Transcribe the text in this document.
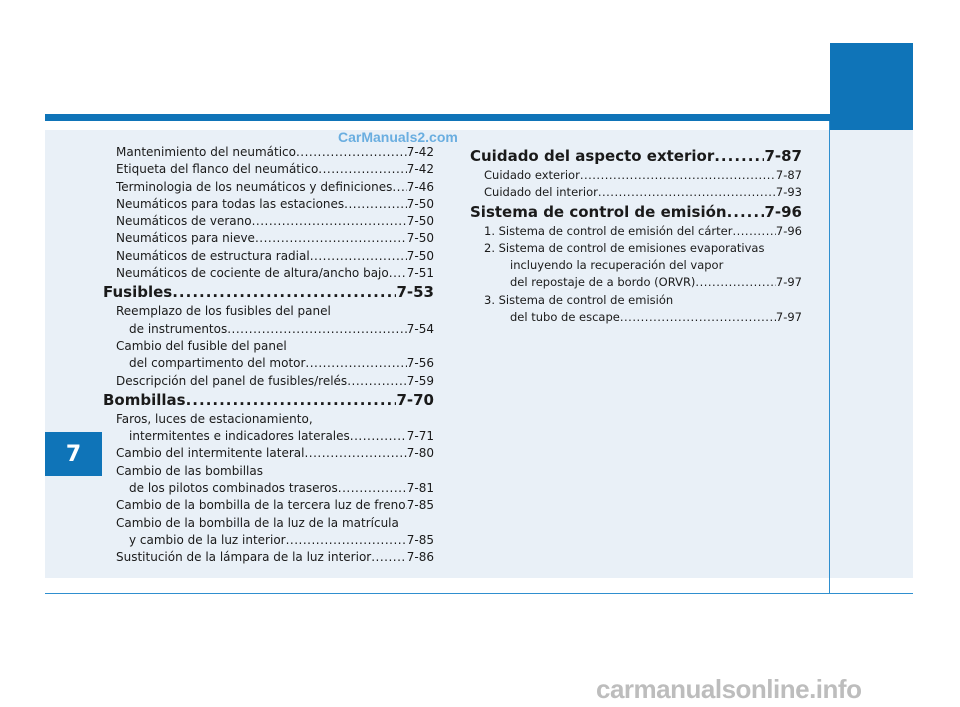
7
CarManuals2.com
carmanualsonline.info
Mantenimiento del neumático .....	7-42
Etiqueta del flanco del neumático .....	7-42
Terminologia de los neumáticos y definiciones ..... 7-46
Neumáticos para todas las estaciones .....	7-50
Neumáticos de verano .....	7-50
Neumáticos para nieve .....	7-50
Neumáticos de estructura radial .....	7-50
Neumáticos de cociente de altura/ancho bajo ..... 7-51
Fusibles .....	7-53
Reemplazo de los fusibles del panel
de instrumentos .....	7-54
Cambio del fusible del panel
del compartimento del motor .....	7-56
Descripción del panel de fusibles/relés .....	7-59
Bombillas .....	7-70
Faros, luces de estacionamiento,
intermitentes e indicadores laterales .....	7-71
Cambio del intermitente lateral .....	7-80
Cambio de las bombillas
de los pilotos combinados traseros .....	7-81
Cambio de la bombilla de la tercera luz de freno ..... 7-85
Cambio de la bombilla de la luz de la matrícula
y cambio de la luz interior .....	7-85
Sustitución de la lámpara de la luz interior .....	7-86
Cuidado del aspecto exterior .....	7-87
Cuidado exterior .....	7-87
Cuidado del interior .....	7-93
Sistema de control de emisión .....	7-96
1. Sistema de control de emisión del cárter .....	7-96
2. Sistema de control de emisiones evaporativas
incluyendo la recuperación del vapor
del repostaje de a bordo (ORVR) .....	7-97
3. Sistema de control de emisión
del tubo de escape .....	7-97
